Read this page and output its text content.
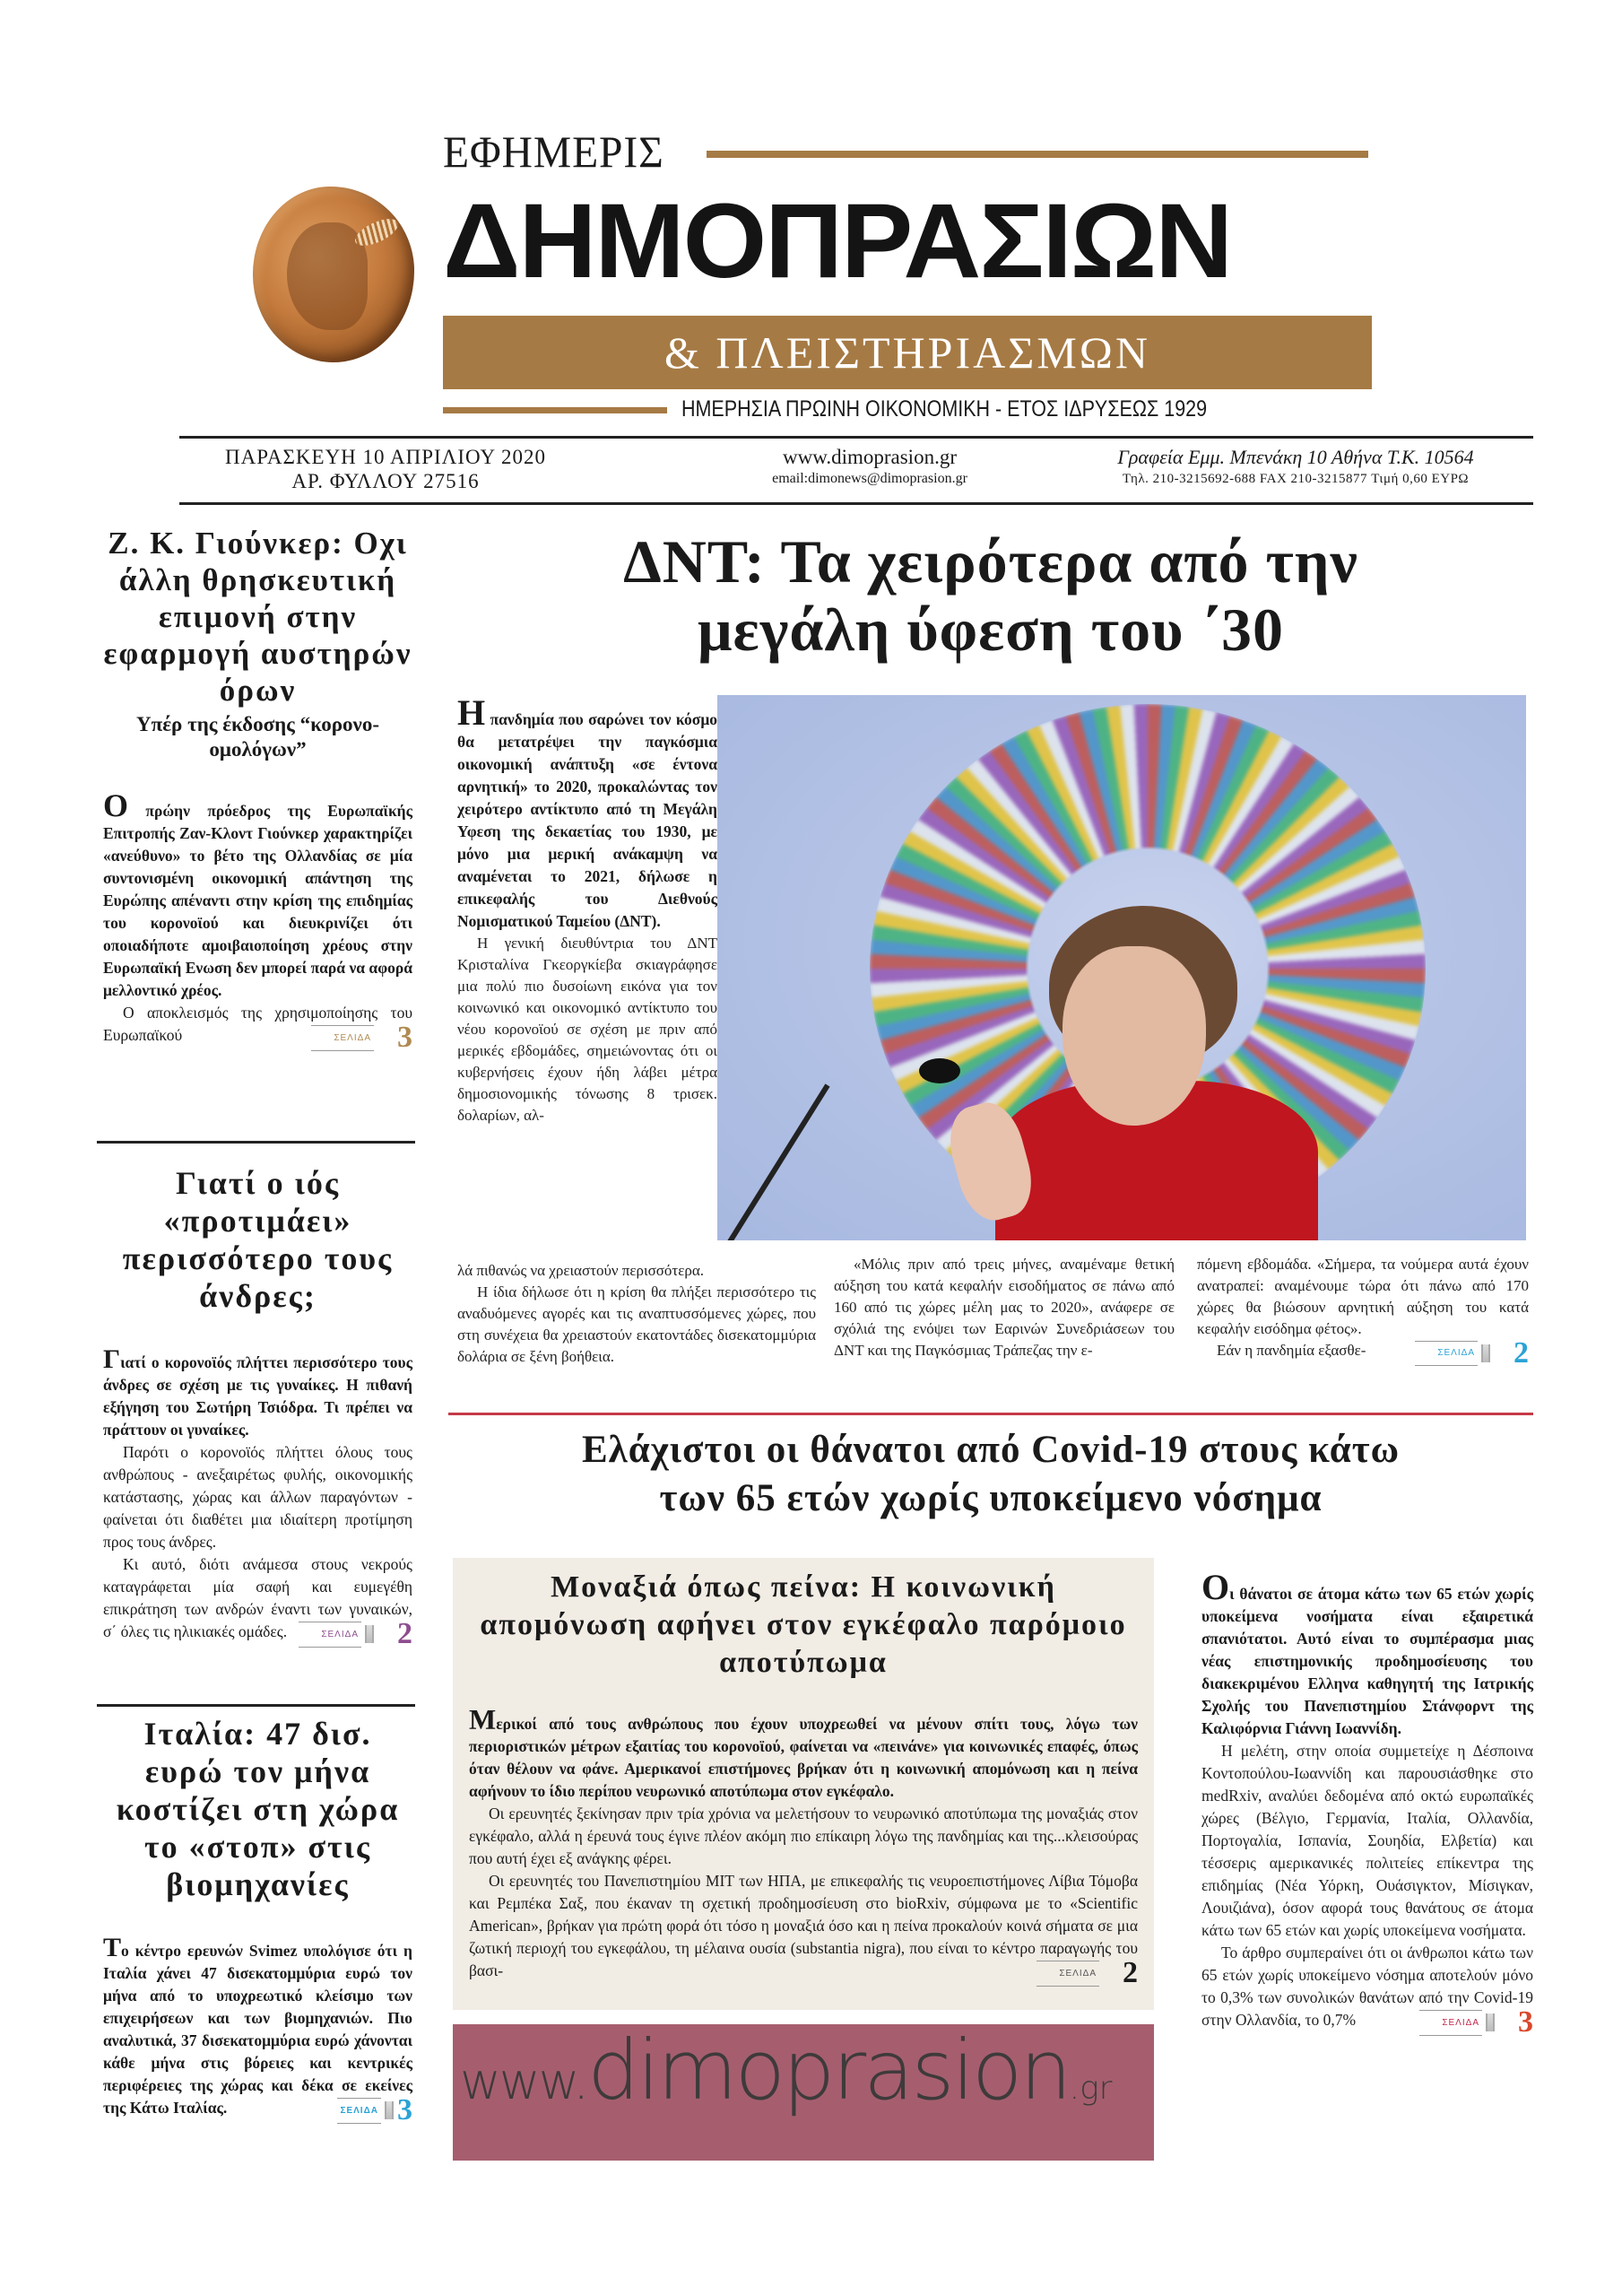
ΕΦΗΜΕΡΙΣ
ΔΗΜΟΠΡΑΣΙΩΝ
& ΠΛΕΙΣΤΗΡΙΑΣΜΩΝ
ΗΜΕΡΗΣΙΑ ΠΡΩΙΝΗ ΟΙΚΟΝΟΜΙΚΗ - ΕΤΟΣ ΙΔΡΥΣΕΩΣ 1929
ΠΑΡΑΣΚΕΥΗ 10 ΑΠΡΙΛΙΟΥ 2020
ΑΡ. ΦΥΛΛΟΥ 27516
www.dimoprasion.gr
email:dimonews@dimoprasion.gr
Γραφεία Εμμ. Μπενάκη 10 Αθήνα Τ.Κ. 10564
Τηλ. 210-3215692-688 FAX 210-3215877 Τιμή 0,60 ΕΥΡΩ
Ζ. Κ. Γιούνκερ: Οχι άλλη θρησκευτική επιμονή στην εφαρμογή αυστηρών όρων
Υπέρ της έκδοσης “κορονο-ομολόγων”

Ο πρώην πρόεδρος της Ευρωπαϊκής Επιτροπής Ζαν-Κλοντ Γιούνκερ χαρακτηρίζει «ανεύθυνο» το βέτο της Ολλανδίας σε μία συντονισμένη οικονομική απάντηση της Ευρώπης απέναντι στην κρίση της επιδημίας του κορονοϊού και διευκρινίζει ότι οποιαδήποτε αμοιβαιοποίηση χρέους στην Ευρωπαϊκή Ενωση δεν μπορεί παρά να αφορά μελλοντικό χρέος.

Ο αποκλεισμός της χρησιμοποίησης του Ευρωπαϊκού	ΣΕΛΙΔΑ 3

Γιατί ο ιός «προτιμάει» περισσότερο τους άνδρες;

Γιατί ο κορονοϊός πλήττει περισσότερο τους άνδρες σε σχέση με τις γυναίκες. Η πιθανή εξήγηση του Σωτήρη Τσιόδρα. Τι πρέπει να πράττουν οι γυναίκες.

Παρότι ο κορονοϊός πλήττει όλους τους ανθρώπους - ανεξαιρέτως φυλής, οικονομικής κατάστασης, χώρας και άλλων παραγόντων - φαίνεται ότι διαθέτει μια ιδιαίτερη προτίμηση προς τους άνδρες.

Κι αυτό, διότι ανάμεσα στους νεκρούς καταγράφεται μία σαφή και ευμεγέθη επικράτηση των ανδρών έναντι των γυναικών, σ΄ όλες τις ηλικιακές ομάδες.	ΣΕΛΙΔΑ	2

Ιταλία: 47 δισ. ευρώ τον μήνα κοστίζει στη χώρα το «στοπ» στις βιομηχανίες

Το κέντρο ερευνών Svimez υπολόγισε ότι η Ιταλία χάνει 47 δισεκατομμύρια ευρώ τον μήνα από το υποχρεωτικό κλείσιμο των επιχειρήσεων και των βιομηχανιών. Πιο αναλυτικά, 37 δισεκατομμύρια ευρώ χάνονται κάθε μήνα στις βόρειες και κεντρικές περιφέρειες της χώρας και δέκα σε εκείνες της Κάτω Ιταλίας.	ΣΕΛΙΔΑ 3

ΔΝΤ: Τα χειρότερα από την
μεγάλη ύφεση του ΄30

Η πανδημία που σαρώνει τον κόσμο θα μετατρέψει την παγκόσμια οικονομική ανάπτυξη «σε έντονα αρνητική» το 2020, προκαλώντας τον χειρότερο αντίκτυπο από τη Μεγάλη Υφεση της δεκαετίας του 1930, με μόνο μια μερική ανάκαμψη να αναμένεται το 2021, δήλωσε η επικεφαλής του Διεθνούς Νομισματικού Ταμείου (ΔΝΤ).

Η γενική διευθύντρια του ΔΝΤ Κρισταλίνα Γκεοργκίεβα σκιαγράφησε μια πολύ πιο δυσοίωνη εικόνα για τον κοινωνικό και οικονομικό αντίκτυπο του νέου κορονοϊού σε σχέση με πριν από μερικές εβδομάδες, σημειώνοντας ότι οι κυβερνήσεις έχουν ήδη λάβει μέτρα δημοσιονομικής τόνωσης 8 τρισεκ. δολαρίων, αλ-

λά πιθανώς να χρειαστούν περισσότερα.

Η ίδια δήλωσε ότι η κρίση θα πλήξει περισσότερο τις αναδυόμενες αγορές και τις αναπτυσσόμενες χώρες, που στη συνέχεια θα χρειαστούν εκατοντάδες δισεκατομμύρια δολάρια σε ξένη βοήθεια.

«Μόλις πριν από τρεις μήνες, αναμέναμε θετική αύξηση του κατά κεφαλήν εισοδήματος σε πάνω από 160 από τις χώρες μέλη μας το 2020», ανάφερε σε σχόλιά της ενόψει των Εαρινών Συνεδριάσεων του ΔΝΤ και της Παγκόσμιας Τράπεζας την ε-

πόμενη εβδομάδα. «Σήμερα, τα νούμερα αυτά έχουν ανατραπεί: αναμένουμε τώρα ότι πάνω από 170 χώρες θα βιώσουν αρνητική αύξηση του κατά κεφαλήν εισόδημα φέτος».

Εάν η πανδημία εξασθε-	ΣΕΛΙΔΑ	2

Ελάχιστοι οι θάνατοι από Covid-19 στους κάτω
των 65 ετών χωρίς υποκείμενο νόσημα
Μοναξιά όπως πείνα: Η κοινωνική απομόνωση αφήνει στον εγκέφαλο παρόμοιο αποτύπωμα

Μερικοί από τους ανθρώπους που έχουν υποχρεωθεί να μένουν σπίτι τους, λόγω των περιοριστικών μέτρων εξαιτίας του κορονοϊού, φαίνεται να «πεινάνε» για κοινωνικές επαφές, όπως όταν θέλουν να φάνε. Αμερικανοί επιστήμονες βρήκαν ότι η κοινωνική απομόνωση και η πείνα αφήνουν το ίδιο περίπου νευρωνικό αποτύπωμα στον εγκέφαλο.

Οι ερευνητές ξεκίνησαν πριν τρία χρόνια να μελετήσουν το νευρωνικό αποτύπωμα της μοναξιάς στον εγκέφαλο, αλλά η έρευνά τους έγινε πλέον ακόμη πιο επίκαιρη λόγω της πανδημίας και της...κλεισούρας που αυτή έχει εξ ανάγκης φέρει.

Οι ερευνητές του Πανεπιστημίου ΜΙΤ των ΗΠΑ, με επικεφαλής τις νευροεπιστήμονες Λίβια Τόμοβα και Ρεμπέκα Σαξ, που έκαναν τη σχετική προδημοσίευση στο bioRxiv, σύμφωνα με το «Scientific American», βρήκαν για πρώτη φορά ότι τόσο η μοναξιά όσο και η πείνα προκαλούν κοινά σήματα σε μια ζωτική περιοχή του εγκεφάλου, τη μέλαινα ουσία (substantia nigra), που είναι το κέντρο παραγωγής του βασι-	ΣΕΛΙΔΑ 2

www. dimoprasion .gr

Οι θάνατοι σε άτομα κάτω των 65 ετών χωρίς υποκείμενα νοσήματα είναι εξαιρετικά σπανιότατοι. Αυτό είναι το συμπέρασμα μιας νέας επιστημονικής προδημοσίευσης του διακεκριμένου Ελληνα καθηγητή της Ιατρικής Σχολής του Πανεπιστημίου Στάνφορντ της Καλιφόρνια Γιάννη Ιωαννίδη.

Η μελέτη, στην οποία συμμετείχε η Δέσποινα Κοντοπούλου-Ιωαννίδη και παρουσιάσθηκε στο medRxiv, αναλύει δεδομένα από οκτώ ευρωπαϊκές χώρες (Βέλγιο, Γερμανία, Ιταλία, Ολλανδία, Πορτογαλία, Ισπανία, Σουηδία, Ελβετία) και τέσσερις αμερικανικές πολιτείες επίκεντρα της επιδημίας (Νέα Υόρκη, Ουάσιγκτον, Μίσιγκαν, Λουιζιάνα), όσον αφορά τους θανάτους σε άτομα κάτω των 65 ετών και χωρίς υποκείμενα νοσήματα.

Το άρθρο συμπεραίνει ότι οι άνθρωποι κάτω των 65 ετών χωρίς υποκείμενο νόσημα αποτελούν μόνο το 0,3% των συνολικών θανάτων από την Covid-19 στην Ολλανδία, το 0,7%	ΣΕΛΙΔΑ	3
